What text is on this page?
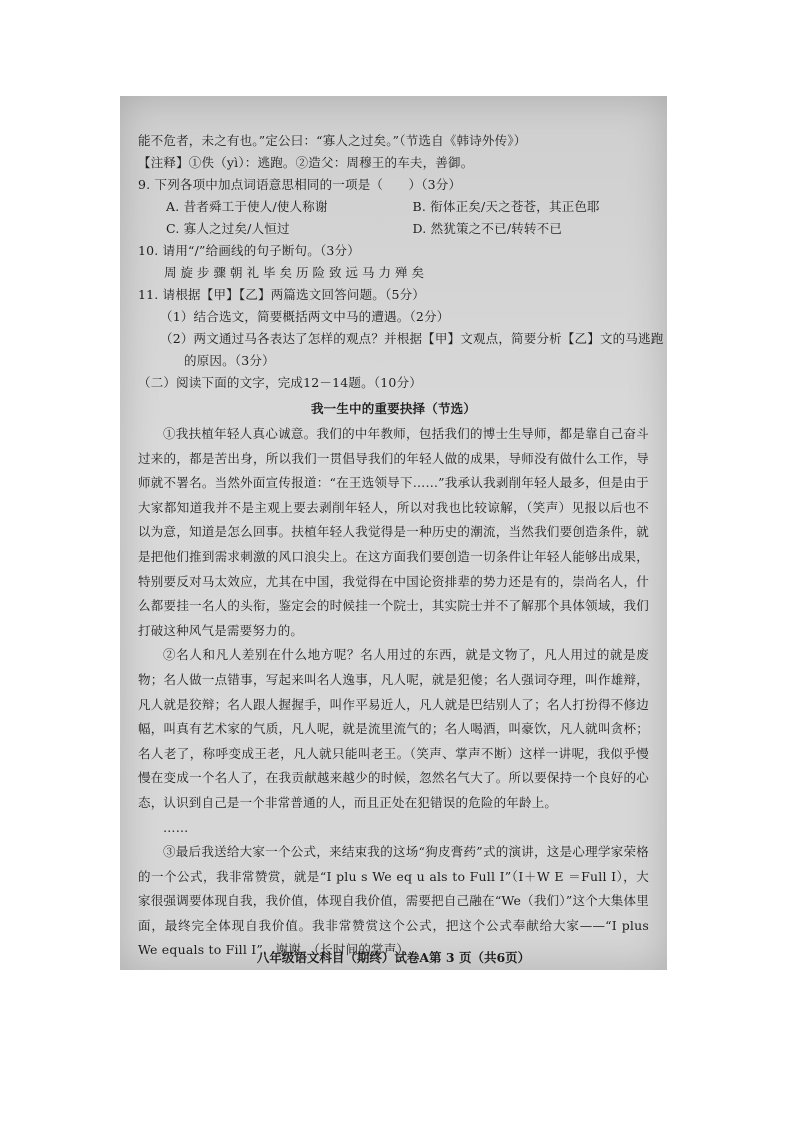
能不危者，未之有也。”定公曰：“寡人之过矣。”（节选自《韩诗外传》）

【注释】①佚（yì）：逃跑。②造父：周穆王的车夫，善御。

9. 下列各项中加点词语意思相同的一项是（　　）（3分）

A. 昔者舜工于使人/使人称谢	B. 衔体正矣/天之苍苍，其正色耶
C. 寡人之过矣/人恒过	D. 然犹策之不已/转转不已

10. 请用“/”给画线的句子断句。（3分）

周旋步骤朝礼毕矣历险致远马力殚矣

11. 请根据【甲】【乙】两篇选文回答问题。（5分）

（1）结合选文，简要概括两文中马的遭遇。（2分）

（2）两文通过马各表达了怎样的观点？并根据【甲】文观点，简要分析【乙】文的马逃跑

的原因。（3分）

（二）阅读下面的文字，完成12－14题。（10分）

我一生中的重要抉择（节选）

①我扶植年轻人真心诚意。我们的中年教师，包括我们的博士生导师，都是靠自己奋斗过来的，都是苦出身，所以我们一贯倡导我们的年轻人做的成果，导师没有做什么工作，导师就不署名。当然外面宣传报道：“在王选领导下……”我承认我剥削年轻人最多，但是由于大家都知道我并不是主观上要去剥削年轻人，所以对我也比较谅解，（笑声）见报以后也不以为意，知道是怎么回事。扶植年轻人我觉得是一种历史的潮流，当然我们要创造条件，就是把他们推到需求刺激的风口浪尖上。在这方面我们要创造一切条件让年轻人能够出成果，特别要反对马太效应，尤其在中国，我觉得在中国论资排辈的势力还是有的，崇尚名人，什么都要挂一名人的头衔，鉴定会的时候挂一个院士，其实院士并不了解那个具体领域，我们打破这种风气是需要努力的。

②名人和凡人差别在什么地方呢？名人用过的东西，就是文物了，凡人用过的就是废物；名人做一点错事，写起来叫名人逸事，凡人呢，就是犯傻；名人强词夺理，叫作雄辩，凡人就是狡辩；名人跟人握握手，叫作平易近人，凡人就是巴结别人了；名人打扮得不修边幅，叫真有艺术家的气质，凡人呢，就是流里流气的；名人喝酒，叫豪饮，凡人就叫贪杯；名人老了，称呼变成王老，凡人就只能叫老王。（笑声、掌声不断）这样一讲呢，我似乎慢慢在变成一个名人了，在我贡献越来越少的时候，忽然名气大了。所以要保持一个良好的心态，认识到自己是一个非常普通的人，而且正处在犯错误的危险的年龄上。

……

③最后我送给大家一个公式，来结束我的这场“狗皮膏药”式的演讲，这是心理学家荣格的一个公式，我非常赞赏，就是“I plu s We eq u als to Full I”（I＋W E ＝Full I），大家很强调要体现自我，我价值，体现自我价值，需要把自己融在“We（我们）”这个大集体里面，最终完全体现自我价值。我非常赞赏这个公式，把这个公式奉献给大家——“I plus We equals to Fill I”，谢谢。（长时间的掌声）

八年级语文科目（期终）试卷A第 3 页（共6页）
